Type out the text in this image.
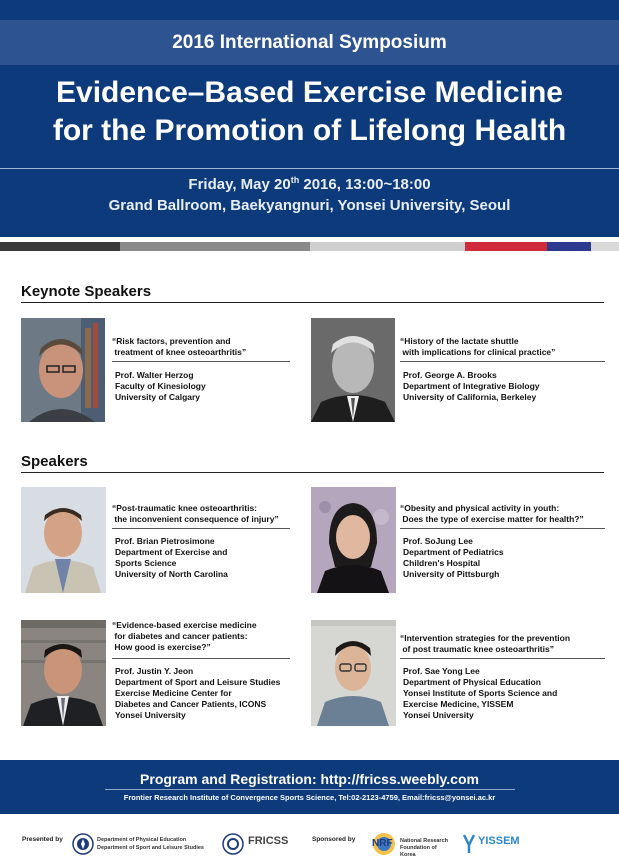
2016 International Symposium
Evidence–Based Exercise Medicine
for the Promotion of Lifelong Health
Friday, May 20th 2016, 13:00~18:00
Grand Ballroom, Baekyangnuri, Yonsei University, Seoul
Keynote Speakers
“Risk factors, prevention and
treatment of knee osteoarthritis”
Prof. Walter Herzog
Faculty of Kinesiology
University of Calgary
“History of the lactate shuttle
with implications for clinical practice”
Prof. George A. Brooks
Department of Integrative Biology
University of California, Berkeley
Speakers
“Post-traumatic knee osteoarthritis:
the inconvenient consequence of injury”
Prof. Brian Pietrosimone
Department of Exercise and
Sports Science
University of North Carolina
“Obesity and physical activity in youth:
Does the type of exercise matter for health?”
Prof. SoJung Lee
Department of Pediatrics
Children's Hospital
University of Pittsburgh
“Evidence-based exercise medicine
for diabetes and cancer patients:
How good is exercise?”
Prof. Justin Y. Jeon
Department of Sport and Leisure Studies
Exercise Medicine Center for
Diabetes and Cancer Patients, ICONS
Yonsei University
“Intervention strategies for the prevention
of post traumatic knee osteoarthritis”
Prof. Sae Yong Lee
Department of Physical Education
Yonsei Institute of Sports Science and
Exercise Medicine, YISSEM
Yonsei University
Program and Registration: http://fricss.weebly.com
Frontier Research Institute of Convergence Sports Science, Tel:02-2123-4759, Email:fricss@yonsei.ac.kr
Presented by	Department of Physical Education
Department of Sport and Leisure Studies
FRICSS	Sponsored by NRF National Research Foundation of Korea
YISSEM
